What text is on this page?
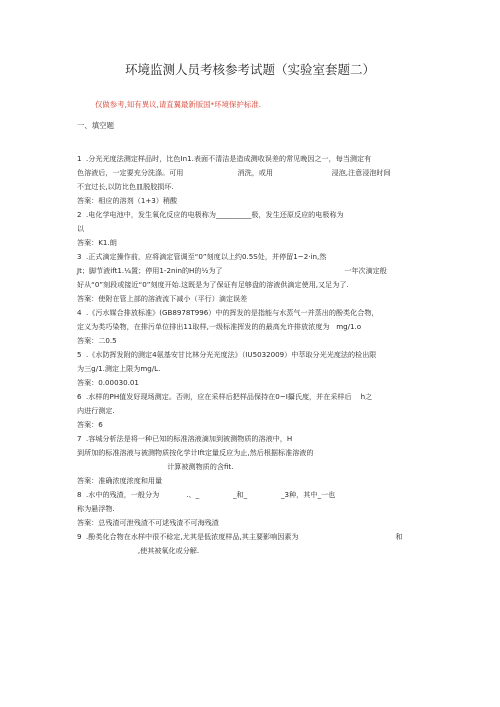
环境监测人员考核参考试题（实验室套题二）
仅做参考,知有異议,请直翼最新版国*环境保护标准.
一、填空题
1  .分光光度法测定样品时，比色In1.表面不清洁是造成测收误差的常见晚因之一，每当测定有
色溶液后，一定要充分洗涤。可用                        消洗，或用                          浸泡,注意浸泡时间
不宜过长,以防比色皿脱胶损坏.
答案：相应的溶剂（1+3）稍酸
2  .电化学电池中，发生氧化反应的电极称为__________极，发生还原反应的电极称为
以
答案：K1.朗
3  .正式滴定操作前，应将滴定管调至“0”刻度以上约0.5S处，并停留1~2·in,然
Jt；脚节液ift1.¼置；停用1-2nin的H的½为了                                                      一年次滴定般
好从“0”刻段或接近“0”刻度开始.这既是为了保证有足够盘的溶液供滴定使用,又足为了.
答案：使附在管上部的溶液流下减小（平行）滴定误差
4  .《污水媒合排放标准》(GB8978T996）中的挥发的是指能与水蒸气一并蒸出的酚类化合物，
定义为类巧染物，在排污单位排出11取样,一级标准挥发的的最高允许排放浓度为   mg/1.o
答案：二0.5
5  .《水防挥发附的测定4氨基安甘比林分光光度法》（IU5032009）中萃取分光光度法的检出限
为三g/1.测定上限为mg/L.
答案：0.00030.01
6  .水样的PH值发好现场测定。否则，应在采样后把样品保持在0~I攝氏度，并在采样后    h之
内进行测定.
答案：6
7  .容城分析法是将一种已知的标准溶液滴加到被测物质的溶液中，H
到所加的标准溶液与被测物质按化学计Ift定量反应为止,然后根据标准溶液的
计算被测物质的含fit.
答案：准确浓度浓度和用量
8  .水中的残渣，一般分为            .、_               _和_               _3种，其中_一也
称为悬浮物.
答案：总残渣可泄残渣不可逑残渣不可海残渣
9  .酚类化合物在水样中很不稔定,尤其是低浓度样品,其主要影响因素为                                           和
,使其被氧化或分解.
